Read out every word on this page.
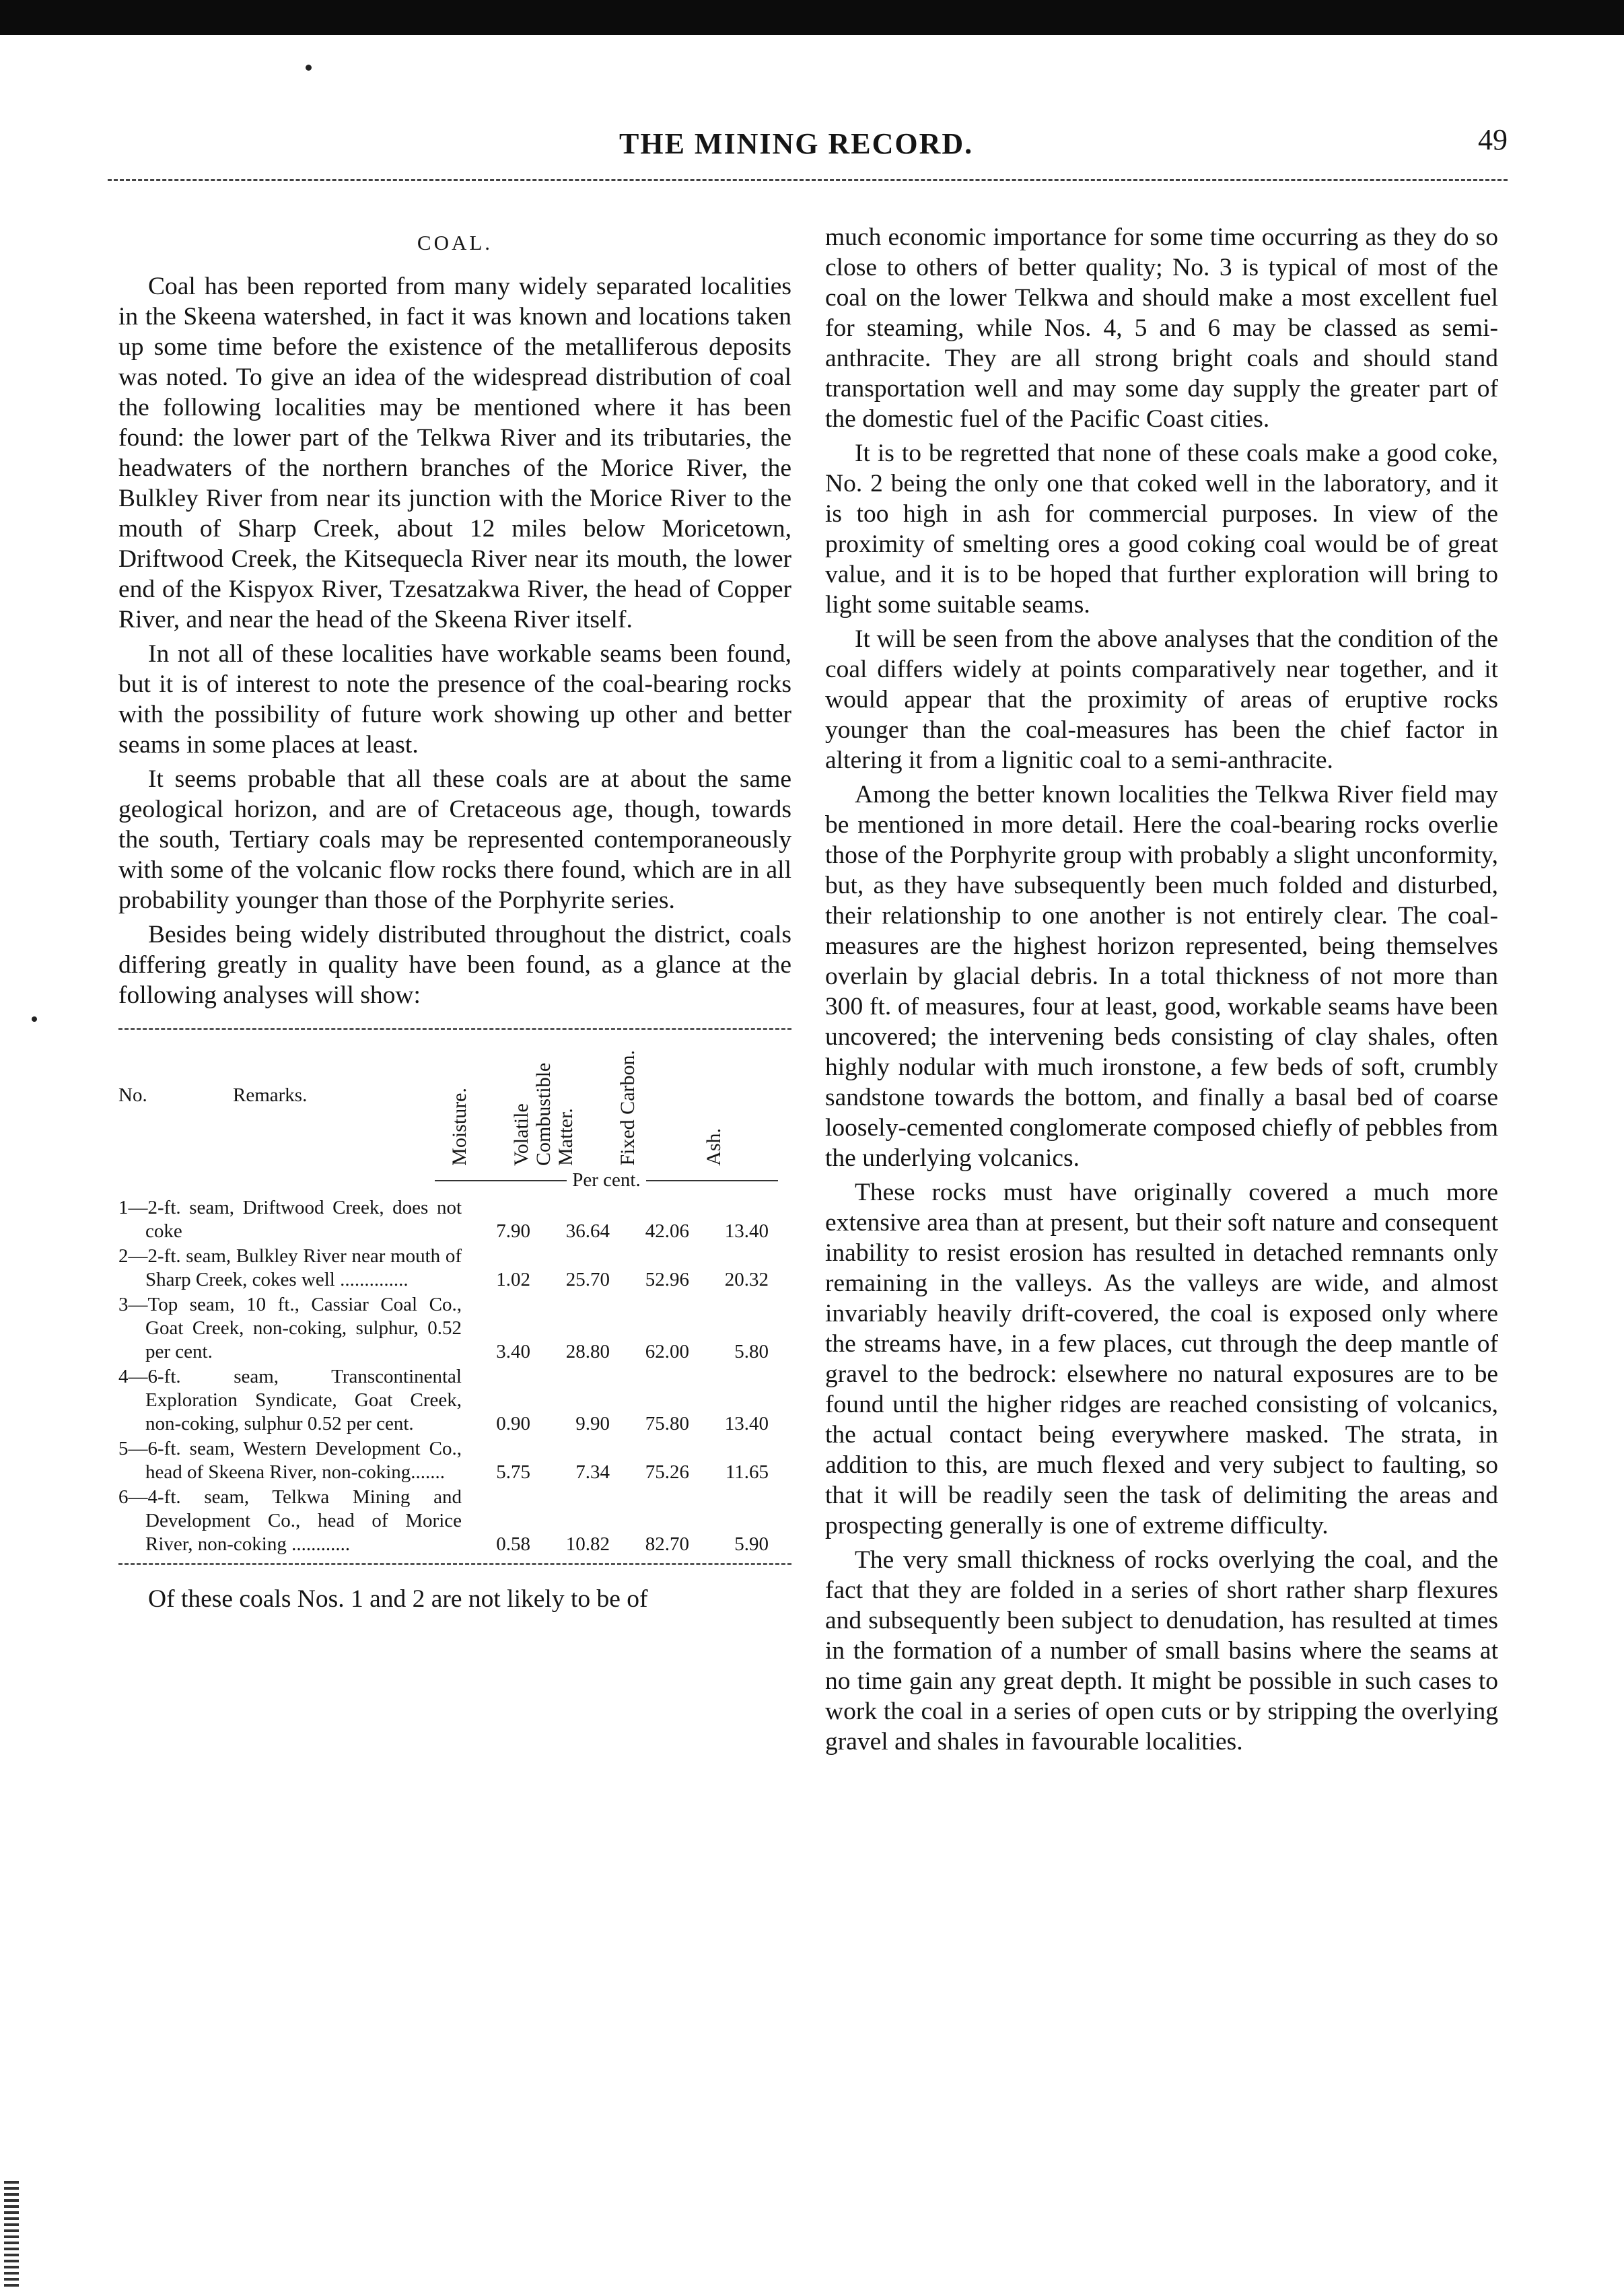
THE MINING RECORD.	49
COAL.

Coal has been reported from many widely separated localities in the Skeena watershed, in fact it was known and locations taken up some time before the existence of the metalliferous deposits was noted. To give an idea of the widespread distribution of coal the following localities may be mentioned where it has been found: the lower part of the Telkwa River and its tributaries, the headwaters of the northern branches of the Morice River, the Bulkley River from near its junction with the Morice River to the mouth of Sharp Creek, about 12 miles below Moricetown, Driftwood Creek, the Kitsequecla River near its mouth, the lower end of the Kispyox River, Tzesatzakwa River, the head of Copper River, and near the head of the Skeena River itself.

In not all of these localities have workable seams been found, but it is of interest to note the presence of the coal-bearing rocks with the possibility of future work showing up other and better seams in some places at least.

It seems probable that all these coals are at about the same geological horizon, and are of Cretaceous age, though, towards the south, Tertiary coals may be represented contemporaneously with some of the volcanic flow rocks there found, which are in all probability younger than those of the Porphyrite series.

Besides being widely distributed throughout the district, coals differing greatly in quality have been found, as a glance at the following analyses will show:

No.	Remarks.	Moisture. Volatile Combustible Matter.	Fixed Carbon.	Ash.
Per cent.
1—2-ft. seam, Driftwood Creek, does not coke	7.90	36.64	42.06	13.40
2—2-ft. seam, Bulkley River near mouth of Sharp Creek, cokes well ..............	1.02	25.70	52.96	20.32
3—Top seam, 10 ft., Cassiar Coal Co., Goat Creek, non-coking, sulphur, 0.52 per cent.	3.40	28.80	62.00	5.80
4—6-ft. seam, Transcontinental Exploration Syndicate, Goat Creek, non-coking, sulphur 0.52 per cent.	0.90	9.90	75.80	13.40
5—6-ft. seam, Western Development Co., head of Skeena River, non-coking.......	5.75	7.34	75.26	11.65
6—4-ft. seam, Telkwa Mining and Development Co., head of Morice River, non-coking ............	0.58	10.82	82.70	5.90
Of these coals Nos. 1 and 2 are not likely to be of

much economic importance for some time occurring as they do so close to others of better quality; No. 3 is typical of most of the coal on the lower Telkwa and should make a most excellent fuel for steaming, while Nos. 4, 5 and 6 may be classed as semi-anthracite. They are all strong bright coals and should stand transportation well and may some day supply the greater part of the domestic fuel of the Pacific Coast cities.

It is to be regretted that none of these coals make a good coke, No. 2 being the only one that coked well in the laboratory, and it is too high in ash for commercial purposes. In view of the proximity of smelting ores a good coking coal would be of great value, and it is to be hoped that further exploration will bring to light some suitable seams.

It will be seen from the above analyses that the condition of the coal differs widely at points comparatively near together, and it would appear that the proximity of areas of eruptive rocks younger than the coal-measures has been the chief factor in altering it from a lignitic coal to a semi-anthracite.

Among the better known localities the Telkwa River field may be mentioned in more detail. Here the coal-bearing rocks overlie those of the Porphyrite group with probably a slight unconformity, but, as they have subsequently been much folded and disturbed, their relationship to one another is not entirely clear. The coal-measures are the highest horizon represented, being themselves overlain by glacial debris. In a total thickness of not more than 300 ft. of measures, four at least, good, workable seams have been uncovered; the intervening beds consisting of clay shales, often highly nodular with much ironstone, a few beds of soft, crumbly sandstone towards the bottom, and finally a basal bed of coarse loosely-cemented conglomerate composed chiefly of pebbles from the underlying volcanics.

These rocks must have originally covered a much more extensive area than at present, but their soft nature and consequent inability to resist erosion has resulted in detached remnants only remaining in the valleys. As the valleys are wide, and almost invariably heavily drift-covered, the coal is exposed only where the streams have, in a few places, cut through the deep mantle of gravel to the bedrock: elsewhere no natural exposures are to be found until the higher ridges are reached consisting of volcanics, the actual contact being everywhere masked. The strata, in addition to this, are much flexed and very subject to faulting, so that it will be readily seen the task of delimiting the areas and prospecting generally is one of extreme difficulty.

The very small thickness of rocks overlying the coal, and the fact that they are folded in a series of short rather sharp flexures and subsequently been subject to denudation, has resulted at times in the formation of a number of small basins where the seams at no time gain any great depth. It might be possible in such cases to work the coal in a series of open cuts or by stripping the overlying gravel and shales in favourable localities.
